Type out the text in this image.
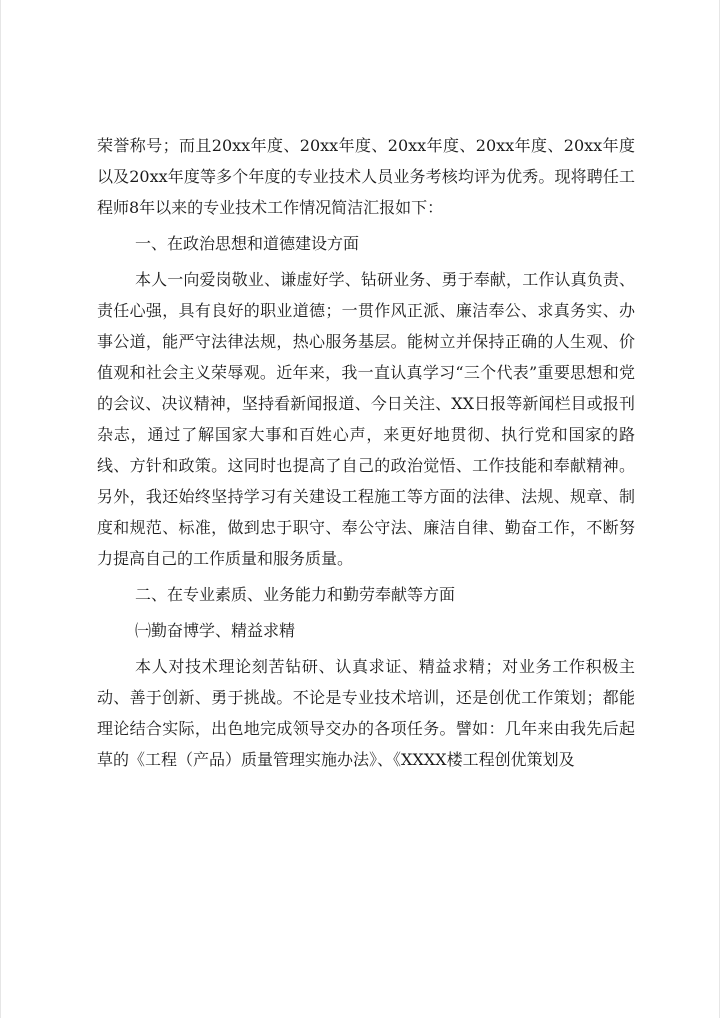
荣誉称号；而且20xx年度、20xx年度、20xx年度、20xx年度、20xx年度以及20xx年度等多个年度的专业技术人员业务考核均评为优秀。现将聘任工程师8年以来的专业技术工作情况简洁汇报如下：

一、在政治思想和道德建设方面

本人一向爱岗敬业、谦虚好学、钻研业务、勇于奉献，工作认真负责、责任心强，具有良好的职业道德；一贯作风正派、廉洁奉公、求真务实、办事公道，能严守法律法规，热心服务基层。能树立并保持正确的人生观、价值观和社会主义荣辱观。近年来，我一直认真学习“三个代表”重要思想和党的会议、决议精神，坚持看新闻报道、今日关注、XX日报等新闻栏目或报刊杂志，通过了解国家大事和百姓心声，来更好地贯彻、执行党和国家的路线、方针和政策。这同时也提高了自己的政治觉悟、工作技能和奉献精神。另外，我还始终坚持学习有关建设工程施工等方面的法律、法规、规章、制度和规范、标准，做到忠于职守、奉公守法、廉洁自律、勤奋工作，不断努力提高自己的工作质量和服务质量。

二、在专业素质、业务能力和勤劳奉献等方面

㈠勤奋博学、精益求精

本人对技术理论刻苦钻研、认真求证、精益求精；对业务工作积极主动、善于创新、勇于挑战。不论是专业技术培训，还是创优工作策划；都能理论结合实际，出色地完成领导交办的各项任务。譬如：几年来由我先后起草的《工程（产品）质量管理实施办法》、《XXXX楼工程创优策划及
